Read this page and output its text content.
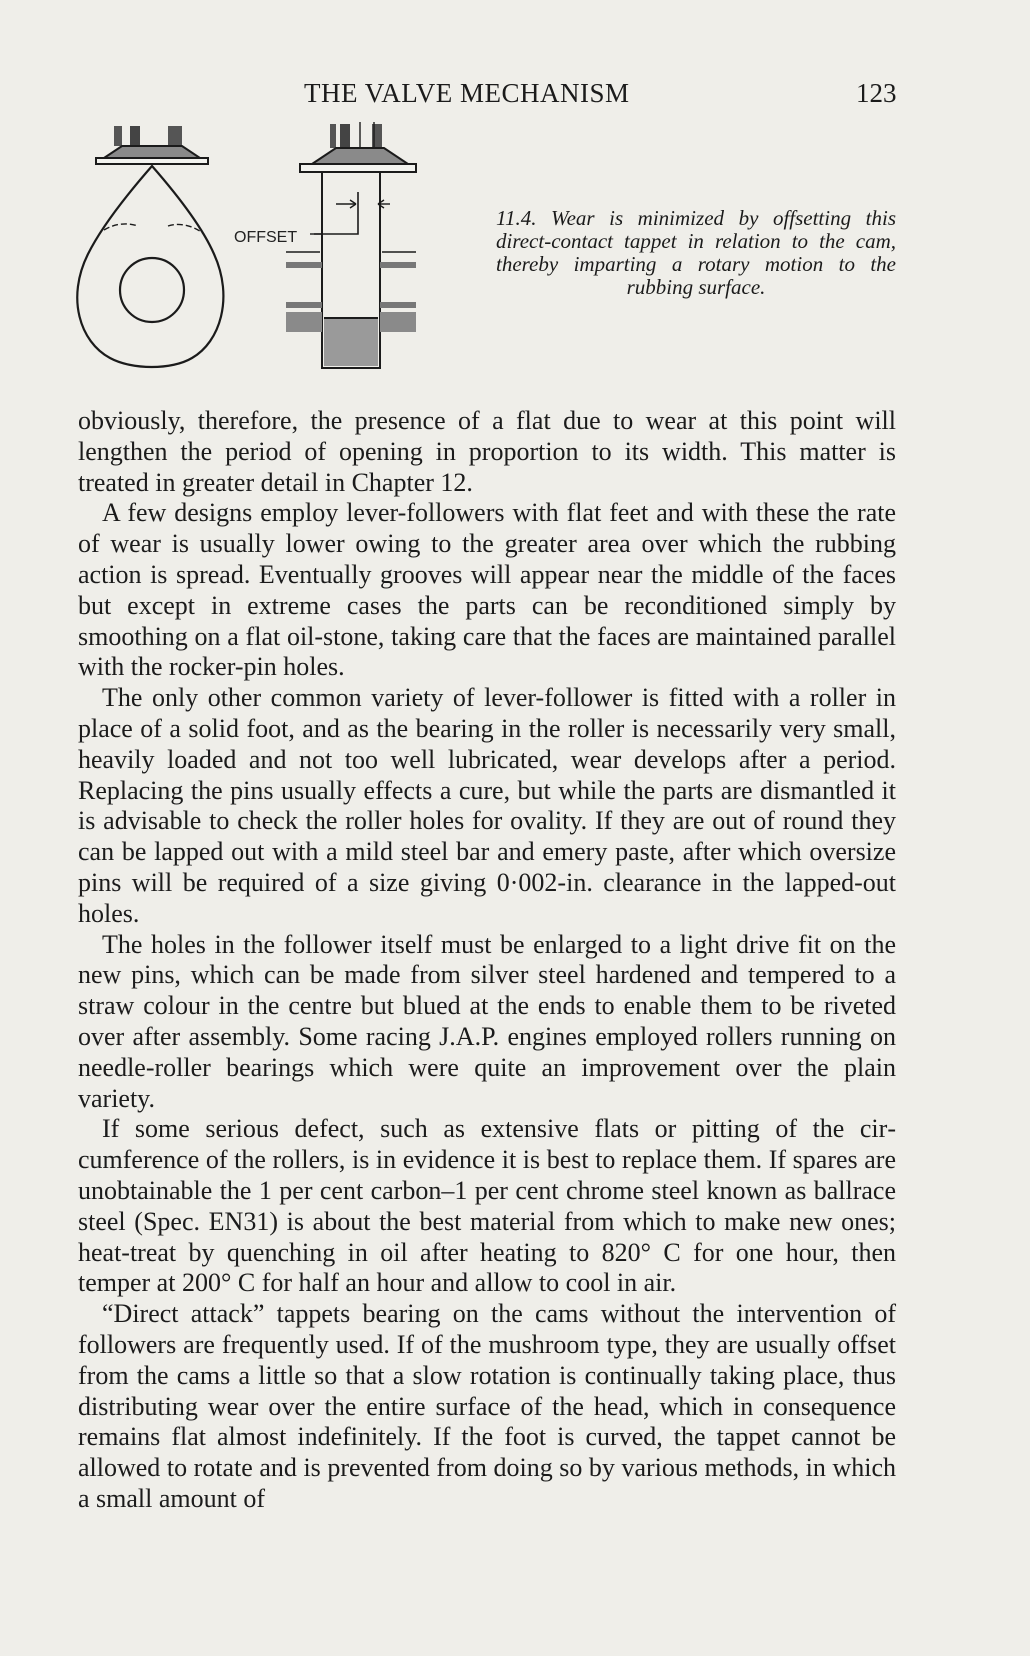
THE VALVE MECHANISM	123
OFFSET
11.4. Wear is minimized by offsetting this direct-contact tappet in relation to the cam, thereby imparting a rotary motion to the rubbing surface.

obviously, therefore, the presence of a flat due to wear at this point will lengthen the period of opening in proportion to its width. This matter is treated in greater detail in Chapter 12.

A few designs employ lever-followers with flat feet and with these the rate of wear is usually lower owing to the greater area over which the rubbing action is spread. Eventually grooves will appear near the middle of the faces but except in extreme cases the parts can be reconditioned simply by smoothing on a flat oil-stone, taking care that the faces are maintained parallel with the rocker-pin holes.

The only other common variety of lever-follower is fitted with a roller in place of a solid foot, and as the bearing in the roller is necessarily very small, heavily loaded and not too well lubricated, wear develops after a period. Replacing the pins usually effects a cure, but while the parts are dismantled it is advisable to check the roller holes for ovality. If they are out of round they can be lapped out with a mild steel bar and emery paste, after which oversize pins will be required of a size giving 0·002-in. clearance in the lapped-out holes.

The holes in the follower itself must be enlarged to a light drive fit on the new pins, which can be made from silver steel hardened and tempered to a straw colour in the centre but blued at the ends to enable them to be riveted over after assembly. Some racing J.A.P. engines employed rollers running on needle-roller bearings which were quite an improvement over the plain variety.

If some serious defect, such as extensive flats or pitting of the circumference of the rollers, is in evidence it is best to replace them. If spares are unobtainable the 1 per cent carbon–1 per cent chrome steel known as ballrace steel (Spec. EN31) is about the best material from which to make new ones; heat-treat by quenching in oil after heating to 820° C for one hour, then temper at 200° C for half an hour and allow to cool in air.

“Direct attack” tappets bearing on the cams without the intervention of followers are frequently used. If of the mushroom type, they are usually offset from the cams a little so that a slow rotation is continually taking place, thus distributing wear over the entire surface of the head, which in consequence remains flat almost indefinitely. If the foot is curved, the tappet cannot be allowed to rotate and is prevented from doing so by various methods, in which a small amount of
